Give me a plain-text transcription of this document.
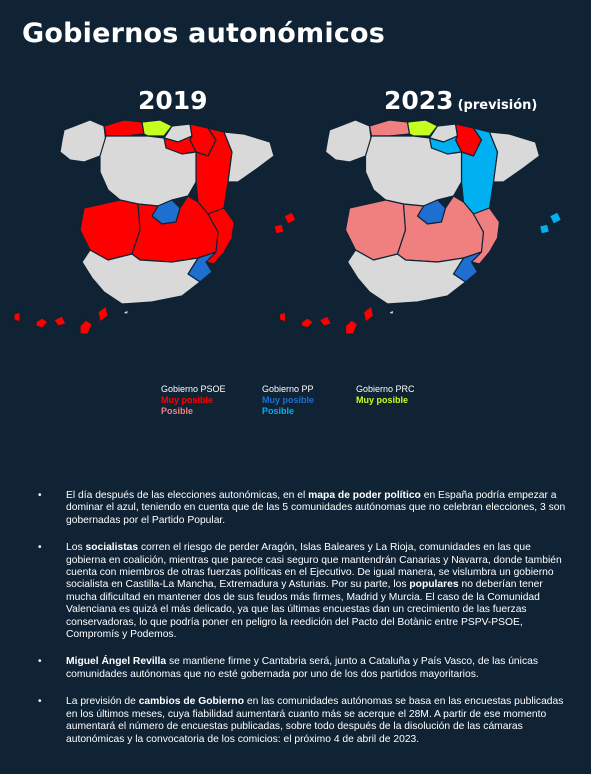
Gobiernos autonómicos
2019	2023 (previsión)
Gobierno PSOE
Muy posible
Posible
Gobierno PP
Muy posible
Posible
Gobierno PRC
Muy posible
• El día después de las elecciones autonómicas, en el mapa de poder político en España podría empezar a dominar el azul, teniendo en cuenta que de las 5 comunidades autónomas que no celebran elecciones, 3 son gobernadas por el Partido Popular.
• Los socialistas corren el riesgo de perder Aragón, Islas Baleares y La Rioja, comunidades en las que gobierna en coalición, mientras que parece casi seguro que mantendrán Canarias y Navarra, donde también cuenta con miembros de otras fuerzas políticas en el Ejecutivo. De igual manera, se vislumbra un gobierno socialista en Castilla-La Mancha, Extremadura y Asturias. Por su parte, los populares no deberían tener mucha dificultad en mantener dos de sus feudos más firmes, Madrid y Murcia. El caso de la Comunidad Valenciana es quizá el más delicado, ya que las últimas encuestas dan un crecimiento de las fuerzas conservadoras, lo que podría poner en peligro la reedición del Pacto del Botànic entre PSPV-PSOE, Compromís y Podemos.
• Miguel Ángel Revilla se mantiene firme y Cantabria será, junto a Cataluña y País Vasco, de las únicas comunidades autónomas que no esté gobernada por uno de los dos partidos mayoritarios.
• La previsión de cambios de Gobierno en las comunidades autónomas se basa en las encuestas publicadas en los últimos meses, cuya fiabilidad aumentará cuanto más se acerque el 28M. A partir de ese momento aumentará el número de encuestas publicadas, sobre todo después de la disolución de las cámaras autonómicas y la convocatoria de los comicios: el próximo 4 de abril de 2023.
